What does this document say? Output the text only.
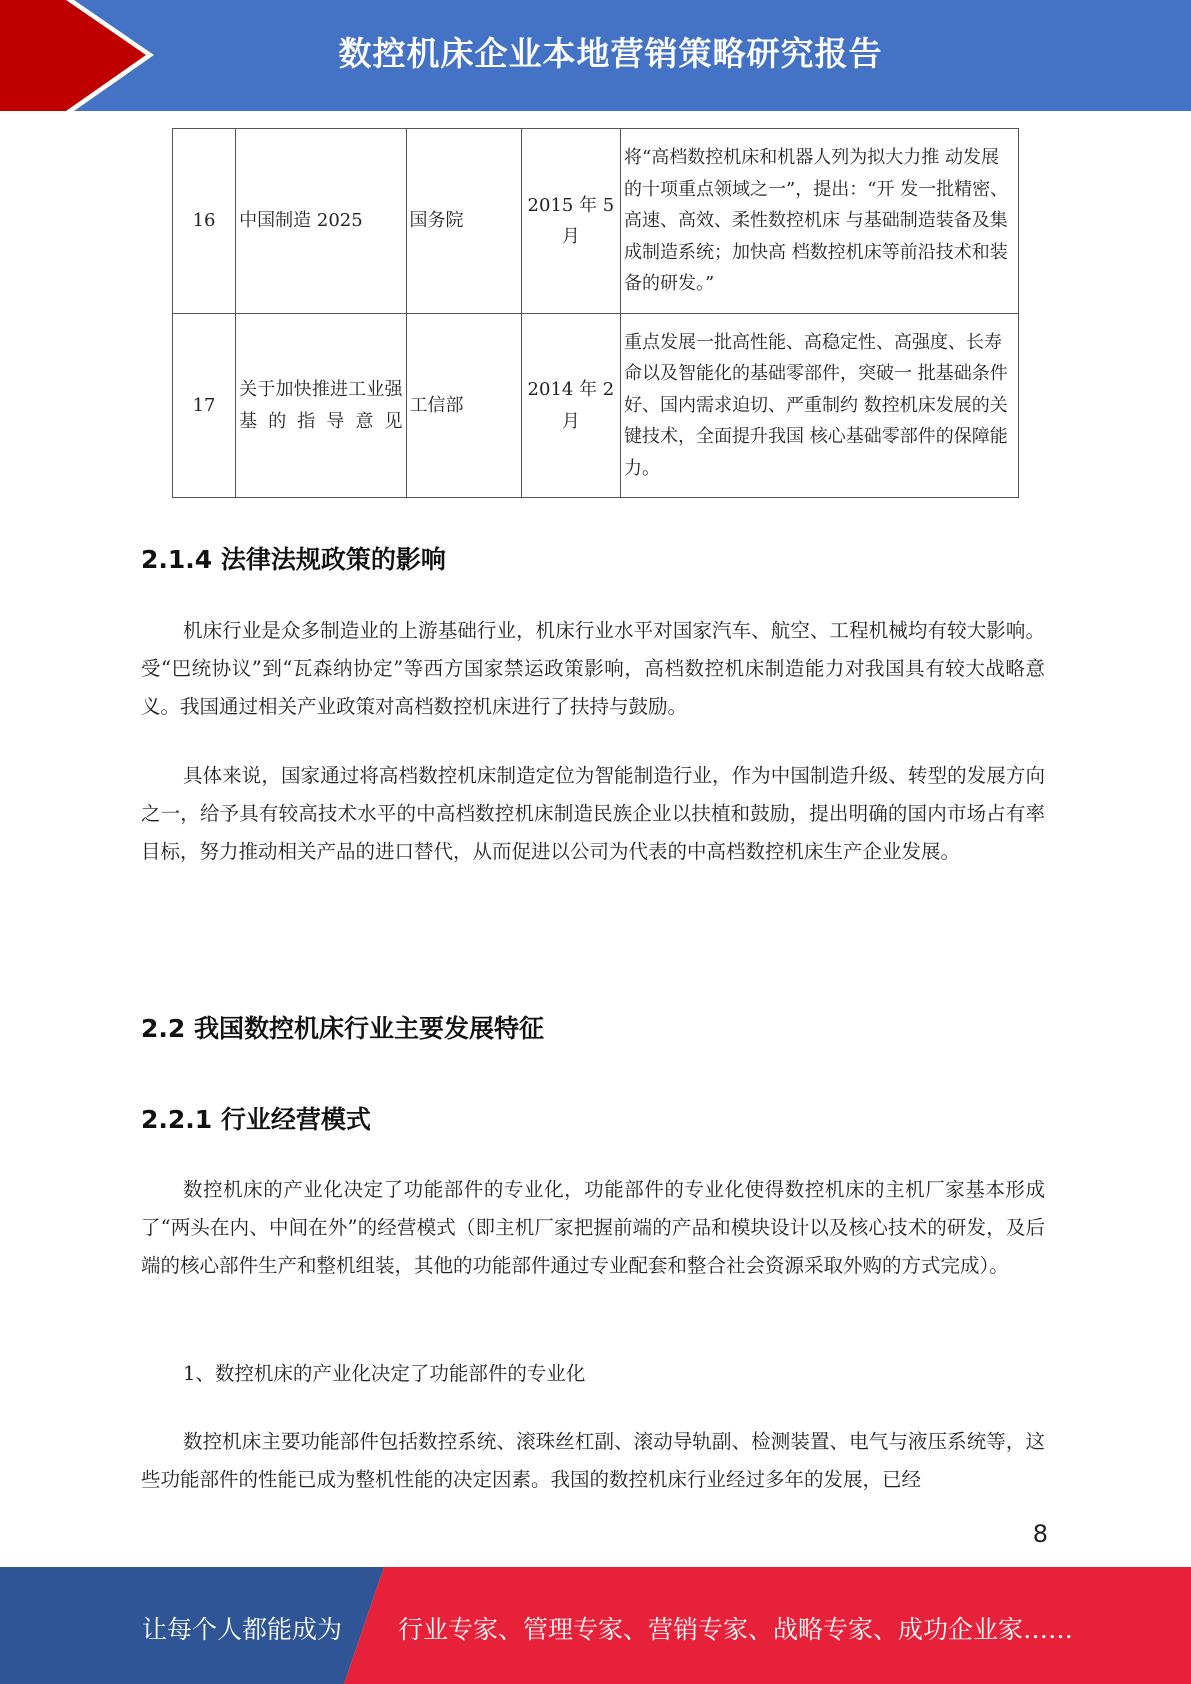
数控机床企业本地营销策略研究报告
16	中国制造 2025	国务院	2015 年 5 月	将“高档数控机床和机器人列为拟大力推 动发展的十项重点领域之一”，提出：“开 发一批精密、高速、高效、柔性数控机床 与基础制造装备及集成制造系统；加快高 档数控机床等前沿技术和装备的研发。”
17	关于加快推进工业强基的指导意见	工信部	2014 年 2 月	重点发展一批高性能、高稳定性、高强度、长寿命以及智能化的基础零部件，突破一 批基础条件好、国内需求迫切、严重制约 数控机床发展的关键技术，全面提升我国 核心基础零部件的保障能力。
2.1.4 法律法规政策的影响

机床行业是众多制造业的上游基础行业，机床行业水平对国家汽车、航空、工程机械均有较大影响。受“巴统协议”到“瓦森纳协定”等西方国家禁运政策影响，高档数控机床制造能力对我国具有较大战略意义。我国通过相关产业政策对高档数控机床进行了扶持与鼓励。

具体来说，国家通过将高档数控机床制造定位为智能制造行业，作为中国制造升级、转型的发展方向之一，给予具有较高技术水平的中高档数控机床制造民族企业以扶植和鼓励，提出明确的国内市场占有率目标，努力推动相关产品的进口替代，从而促进以公司为代表的中高档数控机床生产企业发展。

2.2 我国数控机床行业主要发展特征
2.2.1 行业经营模式

数控机床的产业化决定了功能部件的专业化，功能部件的专业化使得数控机床的主机厂家基本形成了“两头在内、中间在外”的经营模式（即主机厂家把握前端的产品和模块设计以及核心技术的研发，及后端的核心部件生产和整机组装，其他的功能部件通过专业配套和整合社会资源采取外购的方式完成）。

1、数控机床的产业化决定了功能部件的专业化

数控机床主要功能部件包括数控系统、滚珠丝杠副、滚动导轨副、检测装置、电气与液压系统等，这些功能部件的性能已成为整机性能的决定因素。我国的数控机床行业经过多年的发展，已经

8
让每个人都能成为 行业专家、管理专家、营销专家、战略专家、成功企业家……
